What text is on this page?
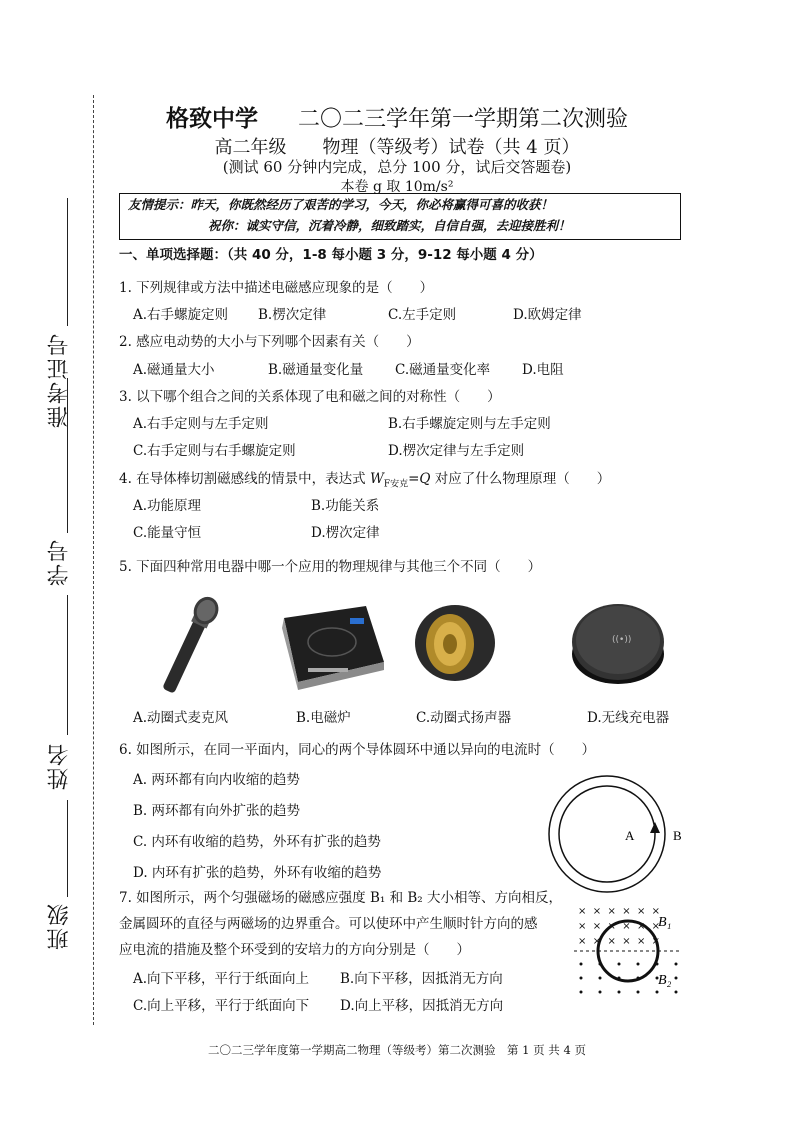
准考证号
学号
姓名
班级
格致中学 二〇二三学年第一学期第二次测验
高二年级　　物理（等级考）试卷（共 4 页）
(测试 60 分钟内完成，总分 100 分，试后交答题卷)
本卷 g 取 10m/s²
友情提示：昨天，你既然经历了艰苦的学习，今天，你必将赢得可喜的收获！
祝你：诚实守信，沉着冷静，细致踏实，自信自强，去迎接胜利！
一、单项选择题：（共 40 分，1-8 每小题 3 分，9-12 每小题 4 分）
1. 下列规律或方法中描述电磁感应现象的是（　　）
A.右手螺旋定则 B.楞次定律	C.左手定则	D.欧姆定律
2. 感应电动势的大小与下列哪个因素有关（　　）
A.磁通量大小	B.磁通量变化量 C.磁通量变化率 D.电阻
3. 以下哪个组合之间的关系体现了电和磁之间的对称性（　　）
A.右手定则与左手定则	B.右手螺旋定则与左手定则
C.右手定则与右手螺旋定则	D.楞次定律与左手定则
4. 在导体棒切割磁感线的情景中，表达式 $W_{F安克}=Q$ 对应了什么物理原理（　　）
A.功能原理	B.功能关系
C.能量守恒	D.楞次定律
5. 下面四种常用电器中哪一个应用的物理规律与其他三个不同（　　）
((•))
A.动圈式麦克风	B.电磁炉	C.动圈式扬声器	D.无线充电器
6. 如图所示，在同一平面内，同心的两个导体圆环中通以异向的电流时（　　）
A. 两环都有向内收缩的趋势
B. 两环都有向外扩张的趋势
C. 内环有收缩的趋势，外环有扩张的趋势
D. 内环有扩张的趋势，外环有收缩的趋势
A	B
7. 如图所示，两个匀强磁场的磁感应强度 B₁ 和 B₂ 大小相等、方向相反，
金属圆环的直径与两磁场的边界重合。可以使环中产生顺时针方向的感
应电流的措施及整个环受到的安培力的方向分别是（　　）
A.向下平移，平行于纸面向上 B.向下平移，因抵消无方向
C.向上平移，平行于纸面向下 D.向上平移，因抵消无方向
×  ×  ×  ×  ×  ×
×  ×  ×  ×  ×  ×
×  ×  ×  ×  ×  ×
B₁
B₂
二〇二三学年度第一学期高二物理（等级考）第二次测验　第 1 页 共 4 页
